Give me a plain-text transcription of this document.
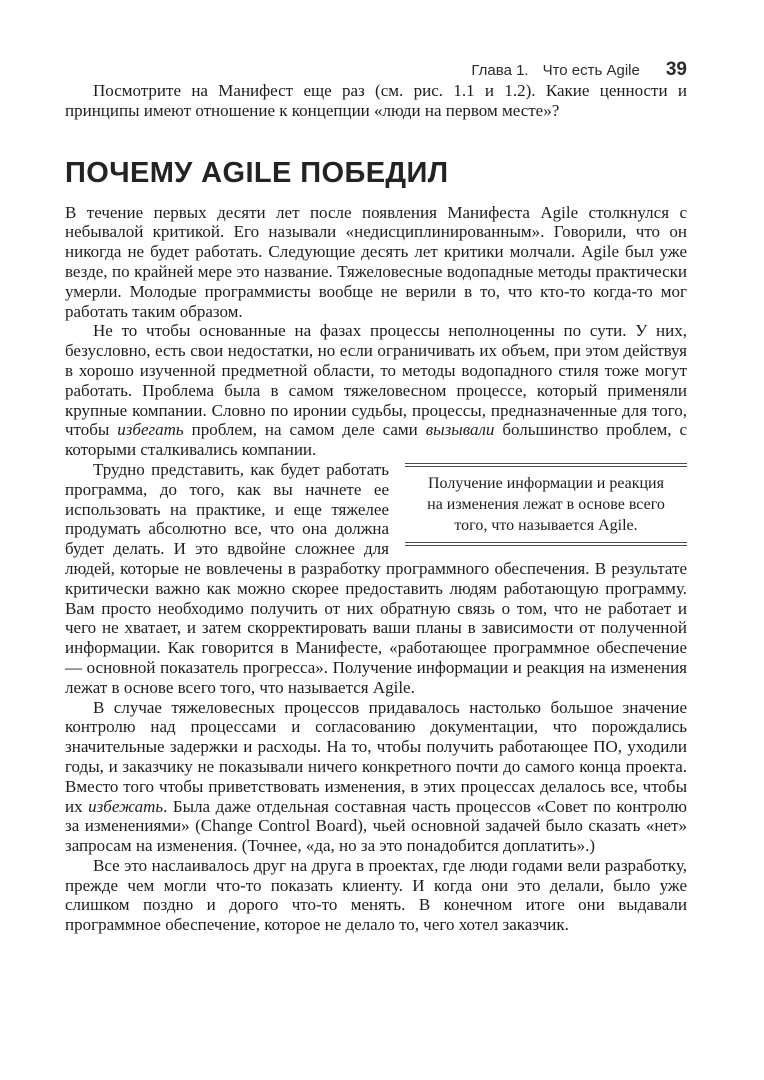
Глава 1. Что есть Agile 39

Посмотрите на Манифест еще раз (см. рис. 1.1 и 1.2). Какие ценности и принципы имеют отношение к концепции «люди на первом месте»?

ПОЧЕМУ AGILE ПОБЕДИЛ

В течение первых десяти лет после появления Манифеста Agile столкнулся с небывалой критикой. Его называли «недисциплинированным». Говорили, что он никогда не будет работать. Следующие десять лет критики молчали. Agile был уже везде, по крайней мере это название. Тяжеловесные водопадные методы практически умерли. Молодые программисты вообще не верили в то, что кто-то когда-то мог работать таким образом.

Не то чтобы основанные на фазах процессы неполноценны по сути. У них, безусловно, есть свои недостатки, но если ограничивать их объем, при этом действуя в хорошо изученной предметной области, то методы водопадного стиля тоже могут работать. Проблема была в самом тяжеловесном процессе, который применяли крупные компании. Словно по иронии судьбы, процессы, предназначенные для того, чтобы избегать проблем, на самом деле сами вызывали большинство проблем, с которыми сталкивались компании.

Получение информации и реакция на изменения лежат в основе всего того, что называется Agile.

Трудно представить, как будет работать программа, до того, как вы начнете ее использовать на практике, и еще тяжелее продумать абсолютно все, что она должна будет делать. И это вдвойне сложнее для людей, которые не вовлечены в разработку программного обеспечения. В результате критически важно как можно скорее предоставить людям работающую программу. Вам просто необходимо получить от них обратную связь о том, что не работает и чего не хватает, и затем скорректировать ваши планы в зависимости от полученной информации. Как говорится в Манифесте, «работающее программное обеспечение — основной показатель прогресса». Получение информации и реакция на изменения лежат в основе всего того, что называется Agile.

В случае тяжеловесных процессов придавалось настолько большое значение контролю над процессами и согласованию документации, что порождались значительные задержки и расходы. На то, чтобы получить работающее ПО, уходили годы, и заказчику не показывали ничего конкретного почти до самого конца проекта. Вместо того чтобы приветствовать изменения, в этих процессах делалось все, чтобы их избежать. Была даже отдельная составная часть процессов «Совет по контролю за изменениями» (Change Control Board), чьей основной задачей было сказать «нет» запросам на изменения. (Точнее, «да, но за это понадобится доплатить».)

Все это наслаивалось друг на друга в проектах, где люди годами вели разработку, прежде чем могли что-то показать клиенту. И когда они это делали, было уже слишком поздно и дорого что-то менять. В конечном итоге они выдавали программное обеспечение, которое не делало то, чего хотел заказчик.
